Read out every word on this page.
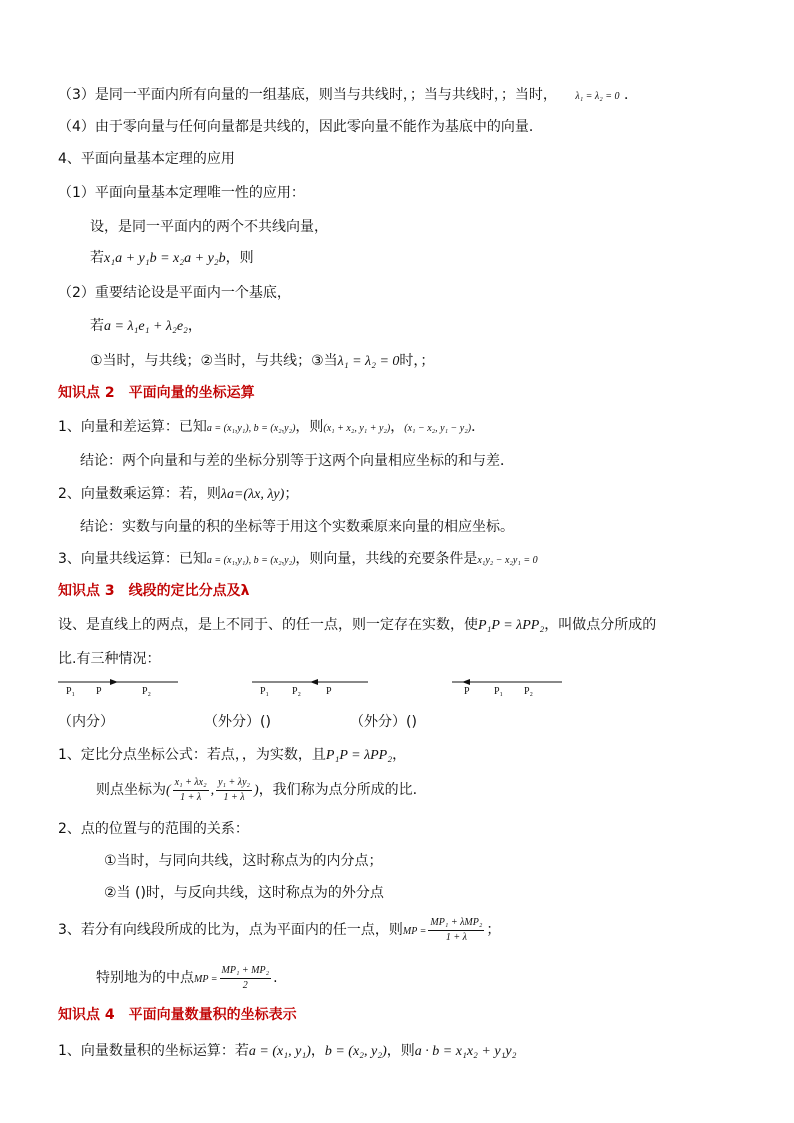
（3）是同一平面内所有向量的一组基底，则当与共线时，；当与共线时，；当时， λ₁ = λ₂ = 0 ．
（4）由于零向量与任何向量都是共线的，因此零向量不能作为基底中的向量．
4、平面向量基本定理的应用
（1）平面向量基本定理唯一性的应用：
设，是同一平面内的两个不共线向量，
若x₁a + y₁b = x₂a + y₂b，则
（2）重要结论设是平面内一个基底，
若a = λ₁e₁ + λ₂e₂，
①当时，与共线；②当时，与共线；③当λ₁ = λ₂ = 0时，；
知识点 2　平面向量的坐标运算
1、向量和差运算：已知a = (x₁,y₁), b = (x₂,y₂)，则(x₁ + x₂, y₁ + y₂)，(x₁ − x₂, y₁ − y₂)．
结论：两个向量和与差的坐标分别等于这两个向量相应坐标的和与差．
2、向量数乘运算：若，则λa=(λx, λy)；
结论：实数与向量的积的坐标等于用这个实数乘原来向量的相应坐标。
3、向量共线运算：已知a = (x₁,y₁), b = (x₂,y₂)，则向量，共线的充要条件是x₁y₂ − x₂y₁ = 0
知识点 3　线段的定比分点及λ
设、是直线上的两点，是上不同于、的任一点，则一定存在实数，使P₁P = λPP₂，叫做点分所成的
比.有三种情况：
P₁ P	P₂	P₁ P₂ P	P P₁ P₂
（内分）	（外分）()	（外分）()
1、定比分点坐标公式：若点，，为实数，且P₁P = λPP₂，
则点坐标为( $\frac{\text{x₁ + λx₂}}{1 + \lambda}$ , $\frac{\text{y₁ + λy₂}}{1 + \lambda}$ )，我们称为点分所成的比.
2、点的位置与的范围的关系：
①当时，与同向共线，这时称点为的内分点；
②当 ()时，与反向共线，这时称点为的外分点
3、若分有向线段所成的比为，点为平面内的任一点，则MP = $\frac{\text{MP₁ + λMP₂}}{1 + \lambda}$ ；
特别地为的中点MP = $\frac{\text{MP₁ + MP₂}}{2}$ .
知识点 4　平面向量数量积的坐标表示
1、向量数量积的坐标运算：若a = (x₁, y₁)，b = (x₂, y₂)，则a · b = x₁x₂ + y₁y₂
